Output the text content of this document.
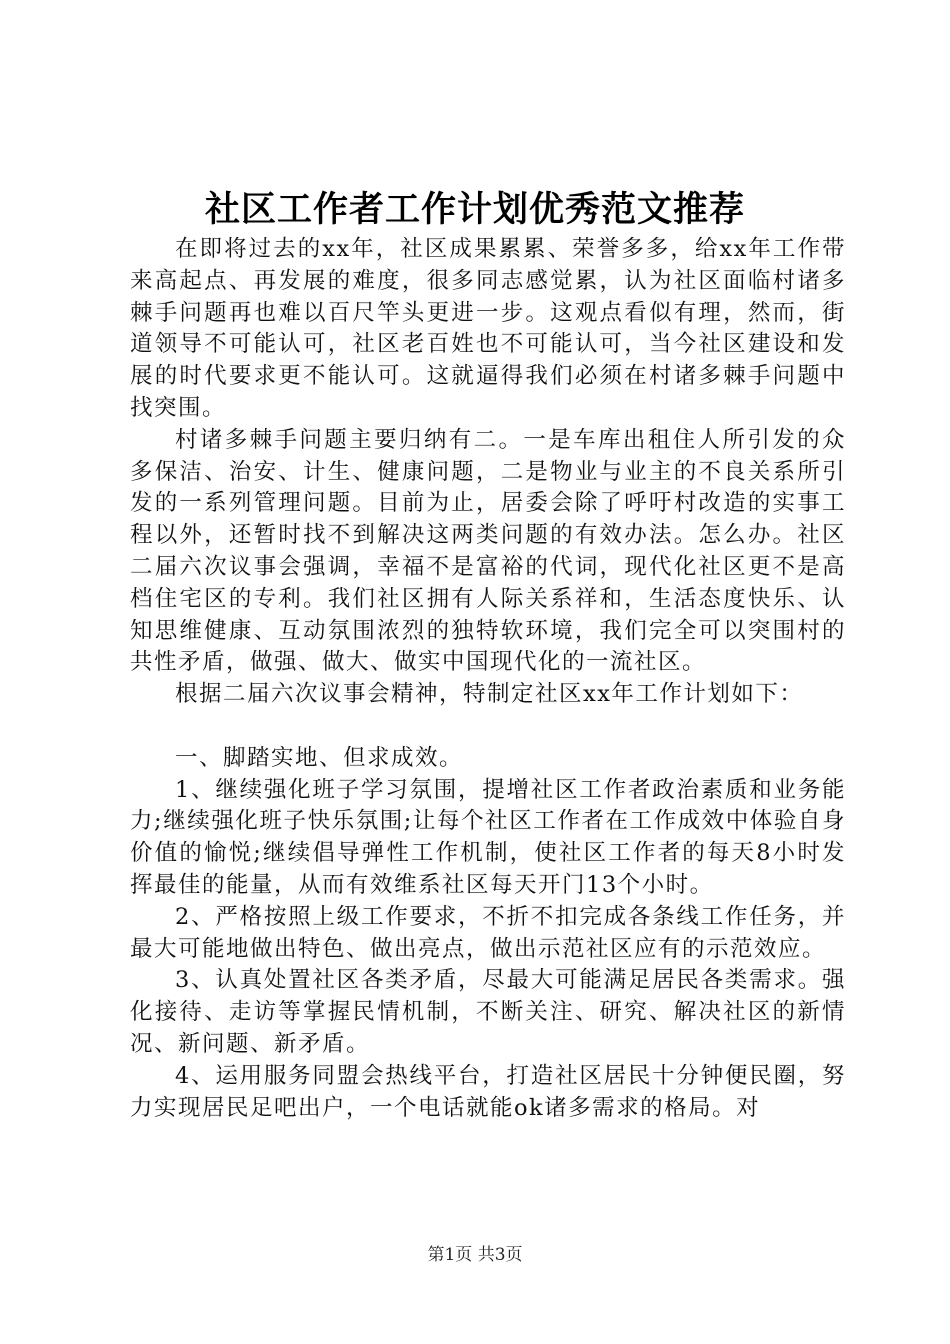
社区工作者工作计划优秀范文推荐

在即将过去的xx年，社区成果累累、荣誉多多，给xx年工作带来高起点、再发展的难度，很多同志感觉累，认为社区面临村诸多棘手问题再也难以百尺竿头更进一步。这观点看似有理，然而，街道领导不可能认可，社区老百姓也不可能认可，当今社区建设和发展的时代要求更不能认可。这就逼得我们必须在村诸多棘手问题中找突围。

村诸多棘手问题主要归纳有二。一是车库出租住人所引发的众多保洁、治安、计生、健康问题，二是物业与业主的不良关系所引发的一系列管理问题。目前为止，居委会除了呼吁村改造的实事工程以外，还暂时找不到解决这两类问题的有效办法。怎么办。社区二届六次议事会强调，幸福不是富裕的代词，现代化社区更不是高档住宅区的专利。我们社区拥有人际关系祥和，生活态度快乐、认知思维健康、互动氛围浓烈的独特软环境，我们完全可以突围村的共性矛盾，做强、做大、做实中国现代化的一流社区。

根据二届六次议事会精神，特制定社区xx年工作计划如下：

一、脚踏实地、但求成效。

1、继续强化班子学习氛围，提增社区工作者政治素质和业务能力;继续强化班子快乐氛围;让每个社区工作者在工作成效中体验自身价值的愉悦;继续倡导弹性工作机制，使社区工作者的每天8小时发挥最佳的能量，从而有效维系社区每天开门13个小时。

2、严格按照上级工作要求，不折不扣完成各条线工作任务，并最大可能地做出特色、做出亮点，做出示范社区应有的示范效应。

3、认真处置社区各类矛盾，尽最大可能满足居民各类需求。强化接待、走访等掌握民情机制，不断关注、研究、解决社区的新情况、新问题、新矛盾。

4、运用服务同盟会热线平台，打造社区居民十分钟便民圈，努力实现居民足吧出户，一个电话就能ok诸多需求的格局。对

第1页 共3页
